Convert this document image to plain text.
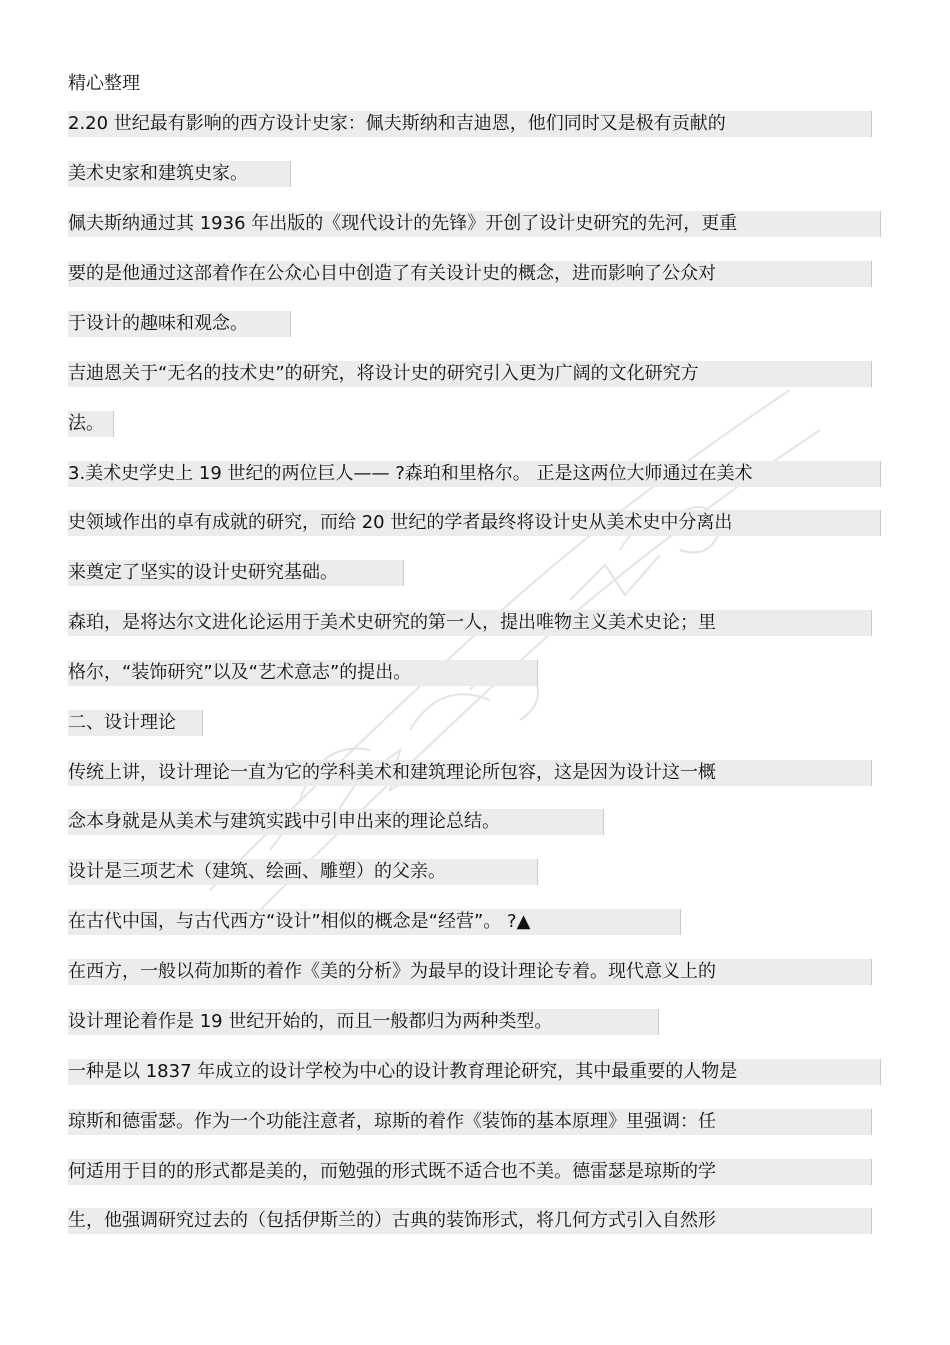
精心整理
2.20 世纪最有影响的西方设计史家：佩夫斯纳和吉迪恩，他们同时又是极有贡献的
美术史家和建筑史家。
佩夫斯纳通过其 1936 年出版的《现代设计的先锋》开创了设计史研究的先河，更重
要的是他通过这部着作在公众心目中创造了有关设计史的概念，进而影响了公众对
于设计的趣味和观念。
吉迪恩关于“无名的技术史”的研究，将设计史的研究引入更为广阔的文化研究方
法。
3.美术史学史上 19 世纪的两位巨人—— ?森珀和里格尔。 正是这两位大师通过在美术
史领域作出的卓有成就的研究，而给 20 世纪的学者最终将设计史从美术史中分离出
来奠定了坚实的设计史研究基础。
森珀，是将达尔文进化论运用于美术史研究的第一人，提出唯物主义美术史论；里
格尔，“装饰研究”以及“艺术意志”的提出。
二、设计理论
传统上讲，设计理论一直为它的学科美术和建筑理论所包容，这是因为设计这一概
念本身就是从美术与建筑实践中引申出来的理论总结。
设计是三项艺术（建筑、绘画、雕塑）的父亲。
在古代中国，与古代西方“设计”相似的概念是“经营”。 ?▲
在西方，一般以荷加斯的着作《美的分析》为最早的设计理论专着。现代意义上的
设计理论着作是 19 世纪开始的，而且一般都归为两种类型。
一种是以 1837 年成立的设计学校为中心的设计教育理论研究，其中最重要的人物是
琼斯和德雷瑟。作为一个功能注意者，琼斯的着作《装饰的基本原理》里强调：任
何适用于目的的形式都是美的，而勉强的形式既不适合也不美。德雷瑟是琼斯的学
生，他强调研究过去的（包括伊斯兰的）古典的装饰形式，将几何方式引入自然形
